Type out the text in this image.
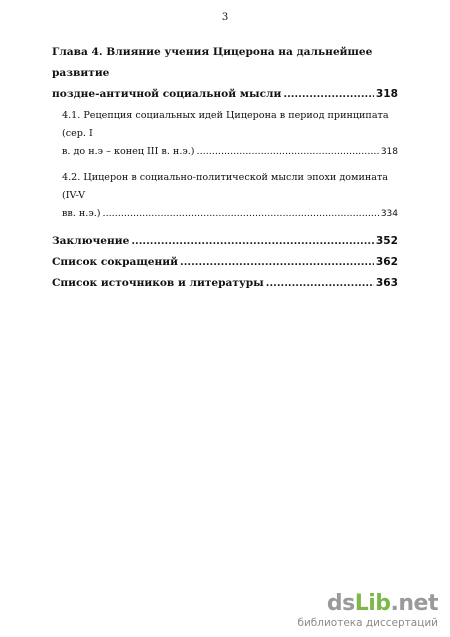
3
Глава 4. Влияние учения Цицерона на дальнейшее развитие
поздне-античной социальной мысли .....	318
4.1. Рецепция социальных идей Цицерона в период принципата (сер. I
в. до н.э – конец III в. н.э.) .....	318
4.2. Цицерон в социально-политической мысли эпохи домината (IV-V
вв. н.э.) .....	334
Заключение .....	352
Список сокращений .....	362
Список источников и литературы .....	363
dsLib.net
библиотека диссертаций
